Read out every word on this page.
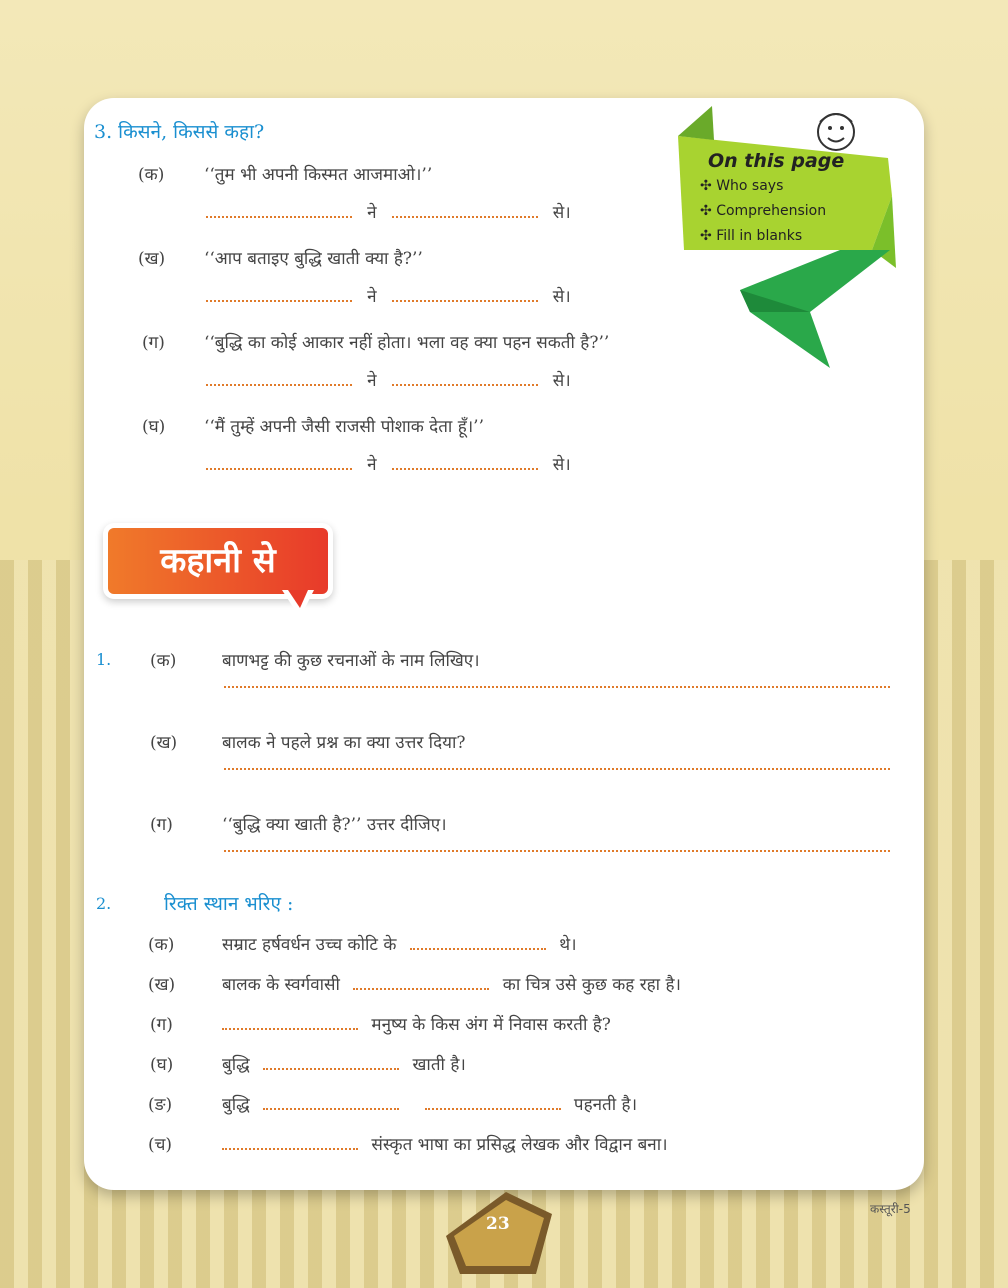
3. किसने, किससे कहा?
(क) ‘‘तुम भी अपनी किस्मत आजमाओ।’’
ने	से।
(ख) ‘‘आप बताइए बुद्धि खाती क्या है?’’
ने	से।
(ग) ‘‘बुद्धि का कोई आकार नहीं होता। भला वह क्या पहन सकती है?’’
ने	से।
(घ) ‘‘मैं तुम्हें अपनी जैसी राजसी पोशाक देता हूँ।’’
ने	से।
On this page
✣ Who says
✣ Comprehension
✣ Fill in blanks
कहानी से
1. (क)	बाणभट्ट की कुछ रचनाओं के नाम लिखिए।
(ख)	बालक ने पहले प्रश्न का क्या उत्तर दिया?
(ग)	‘‘बुद्धि क्या खाती है?’’ उत्तर दीजिए।
2.	रिक्त स्थान भरिए :
(क)	सम्राट हर्षवर्धन उच्च कोटि के	थे।
(ख)	बालक के स्वर्गवासी	का चित्र उसे कुछ कह रहा है।
(ग)	मनुष्य के किस अंग में निवास करती है?
(घ)	बुद्धि	खाती है।
(ङ)	बुद्धि	पहनती है।
(च)	संस्कृत भाषा का प्रसिद्ध लेखक और विद्वान बना।
23
कस्तूरी-5
